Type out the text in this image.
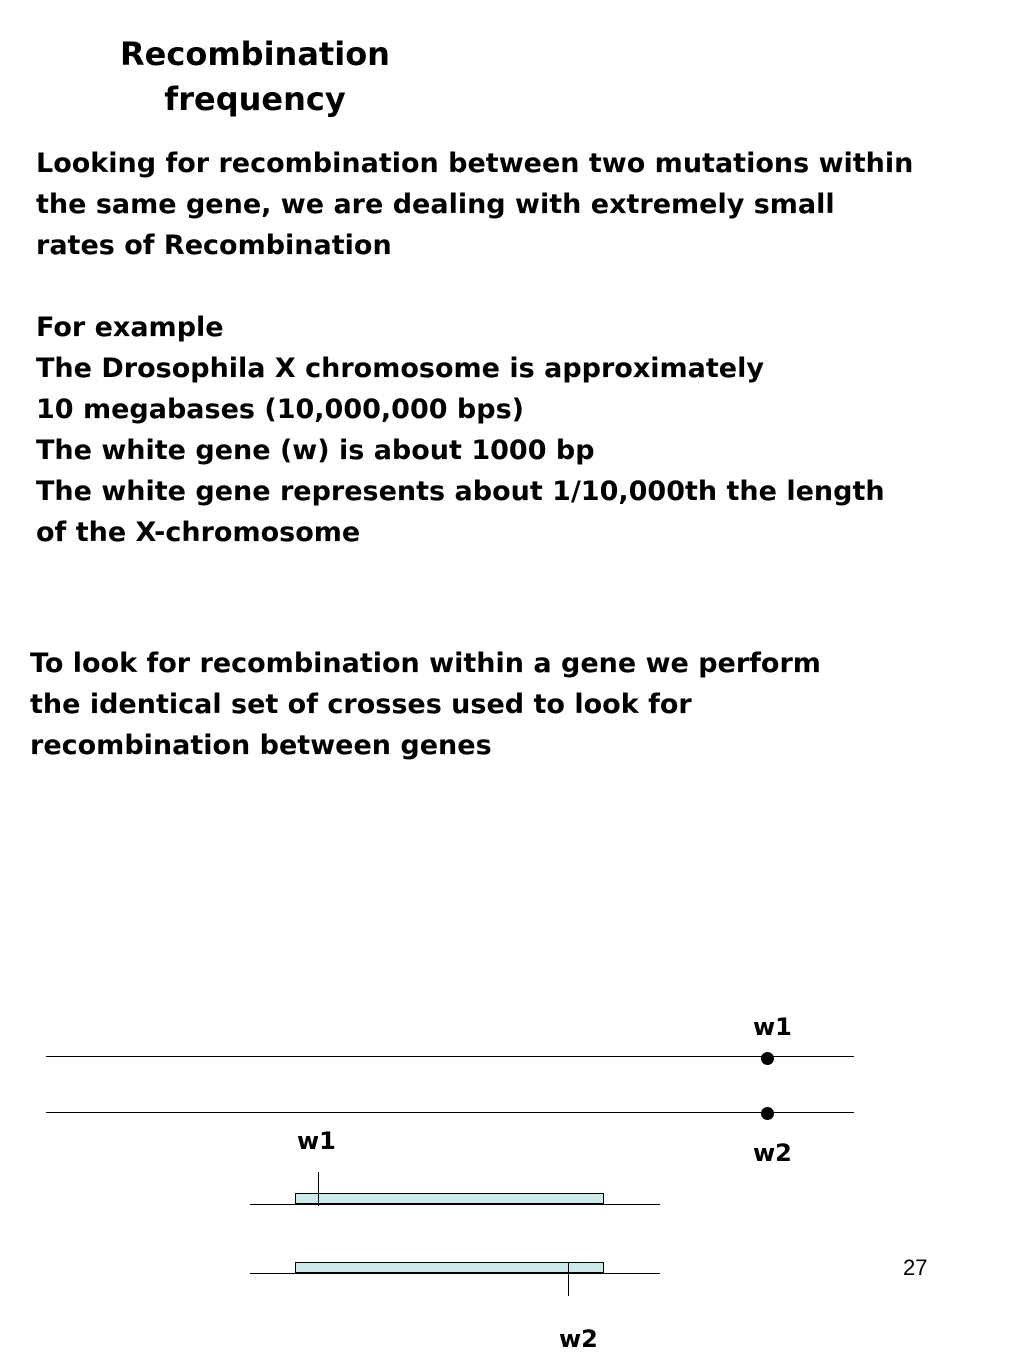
Recombination
frequency
Looking for recombination between two mutations within
the same gene, we are dealing with extremely small
rates of Recombination
For example
The Drosophila X chromosome is approximately
10 megabases (10,000,000 bps)
The white gene (w) is about 1000 bp
The white gene represents about 1/10,000th the length
of the X-chromosome
To look for recombination within a gene we perform
the identical set of crosses used to look for
recombination between genes
w1
w2
w1
w2
27
